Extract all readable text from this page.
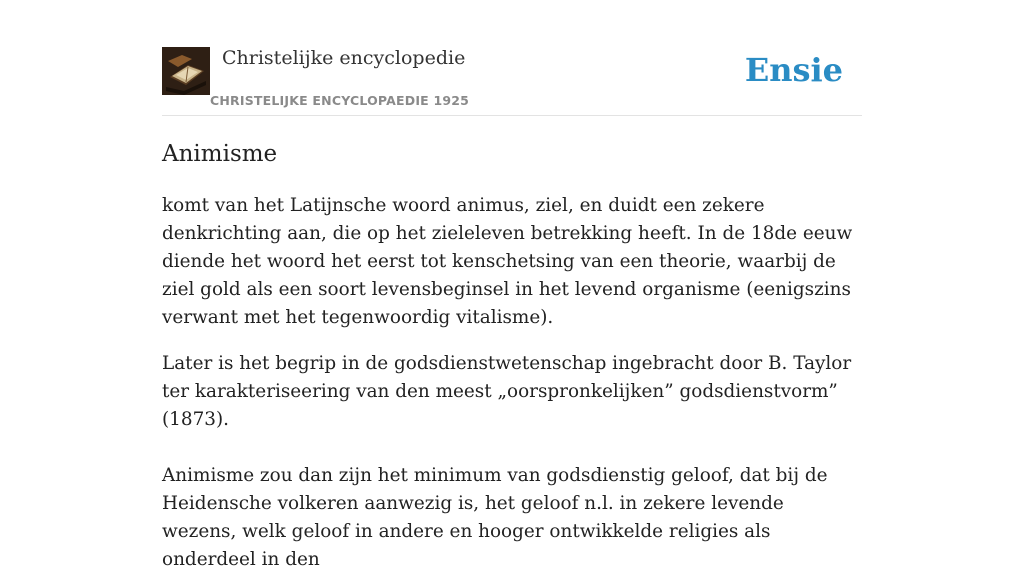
Christelijke encyclopedie
CHRISTELIJKE ENCYCLOPAEDIE 1925
Ensie
Animisme

komt van het Latijnsche woord animus, ziel, en duidt een zekere denkrichting aan, die op het zieleleven betrekking heeft. In de 18de eeuw diende het woord het eerst tot kenschetsing van een theorie, waarbij de ziel gold als een soort levensbeginsel in het levend organisme (eenigszins verwant met het tegenwoordig vitalisme).

Later is het begrip in de godsdienstwetenschap ingebracht door B. Taylor ter karakteriseering van den meest „oorspronkelijken” godsdienstvorm” (1873).

Animisme zou dan zijn het minimum van godsdienstig geloof, dat bij de Heidensche volkeren aanwezig is, het geloof n.l. in zekere levende wezens, welk geloof in andere en hooger ontwikkelde religies als onderdeel in den
